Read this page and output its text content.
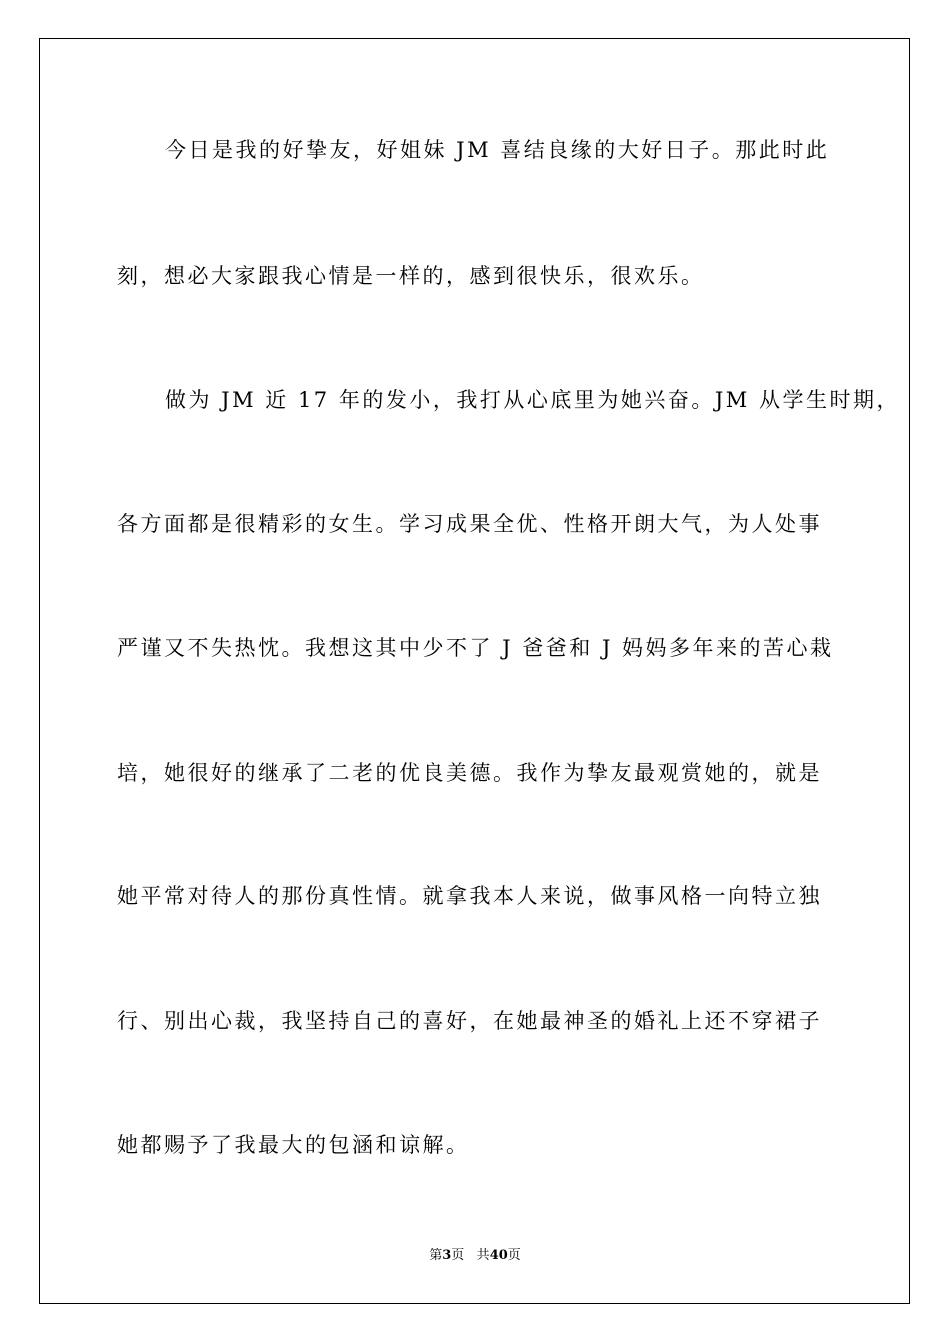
今日是我的好挚友，好姐妹 JM 喜结良缘的大好日子。那此时此
刻，想必大家跟我心情是一样的，感到很快乐，很欢乐。
做为 JM 近 17 年的发小，我打从心底里为她兴奋。JM 从学生时期，
各方面都是很精彩的女生。学习成果全优、性格开朗大气，为人处事
严谨又不失热忱。我想这其中少不了 J 爸爸和 J 妈妈多年来的苦心栽
培，她很好的继承了二老的优良美德。我作为挚友最观赏她的，就是
她平常对待人的那份真性情。就拿我本人来说，做事风格一向特立独
行、别出心裁，我坚持自己的喜好，在她最神圣的婚礼上还不穿裙子
她都赐予了我最大的包涵和谅解。
第3页 共40页
